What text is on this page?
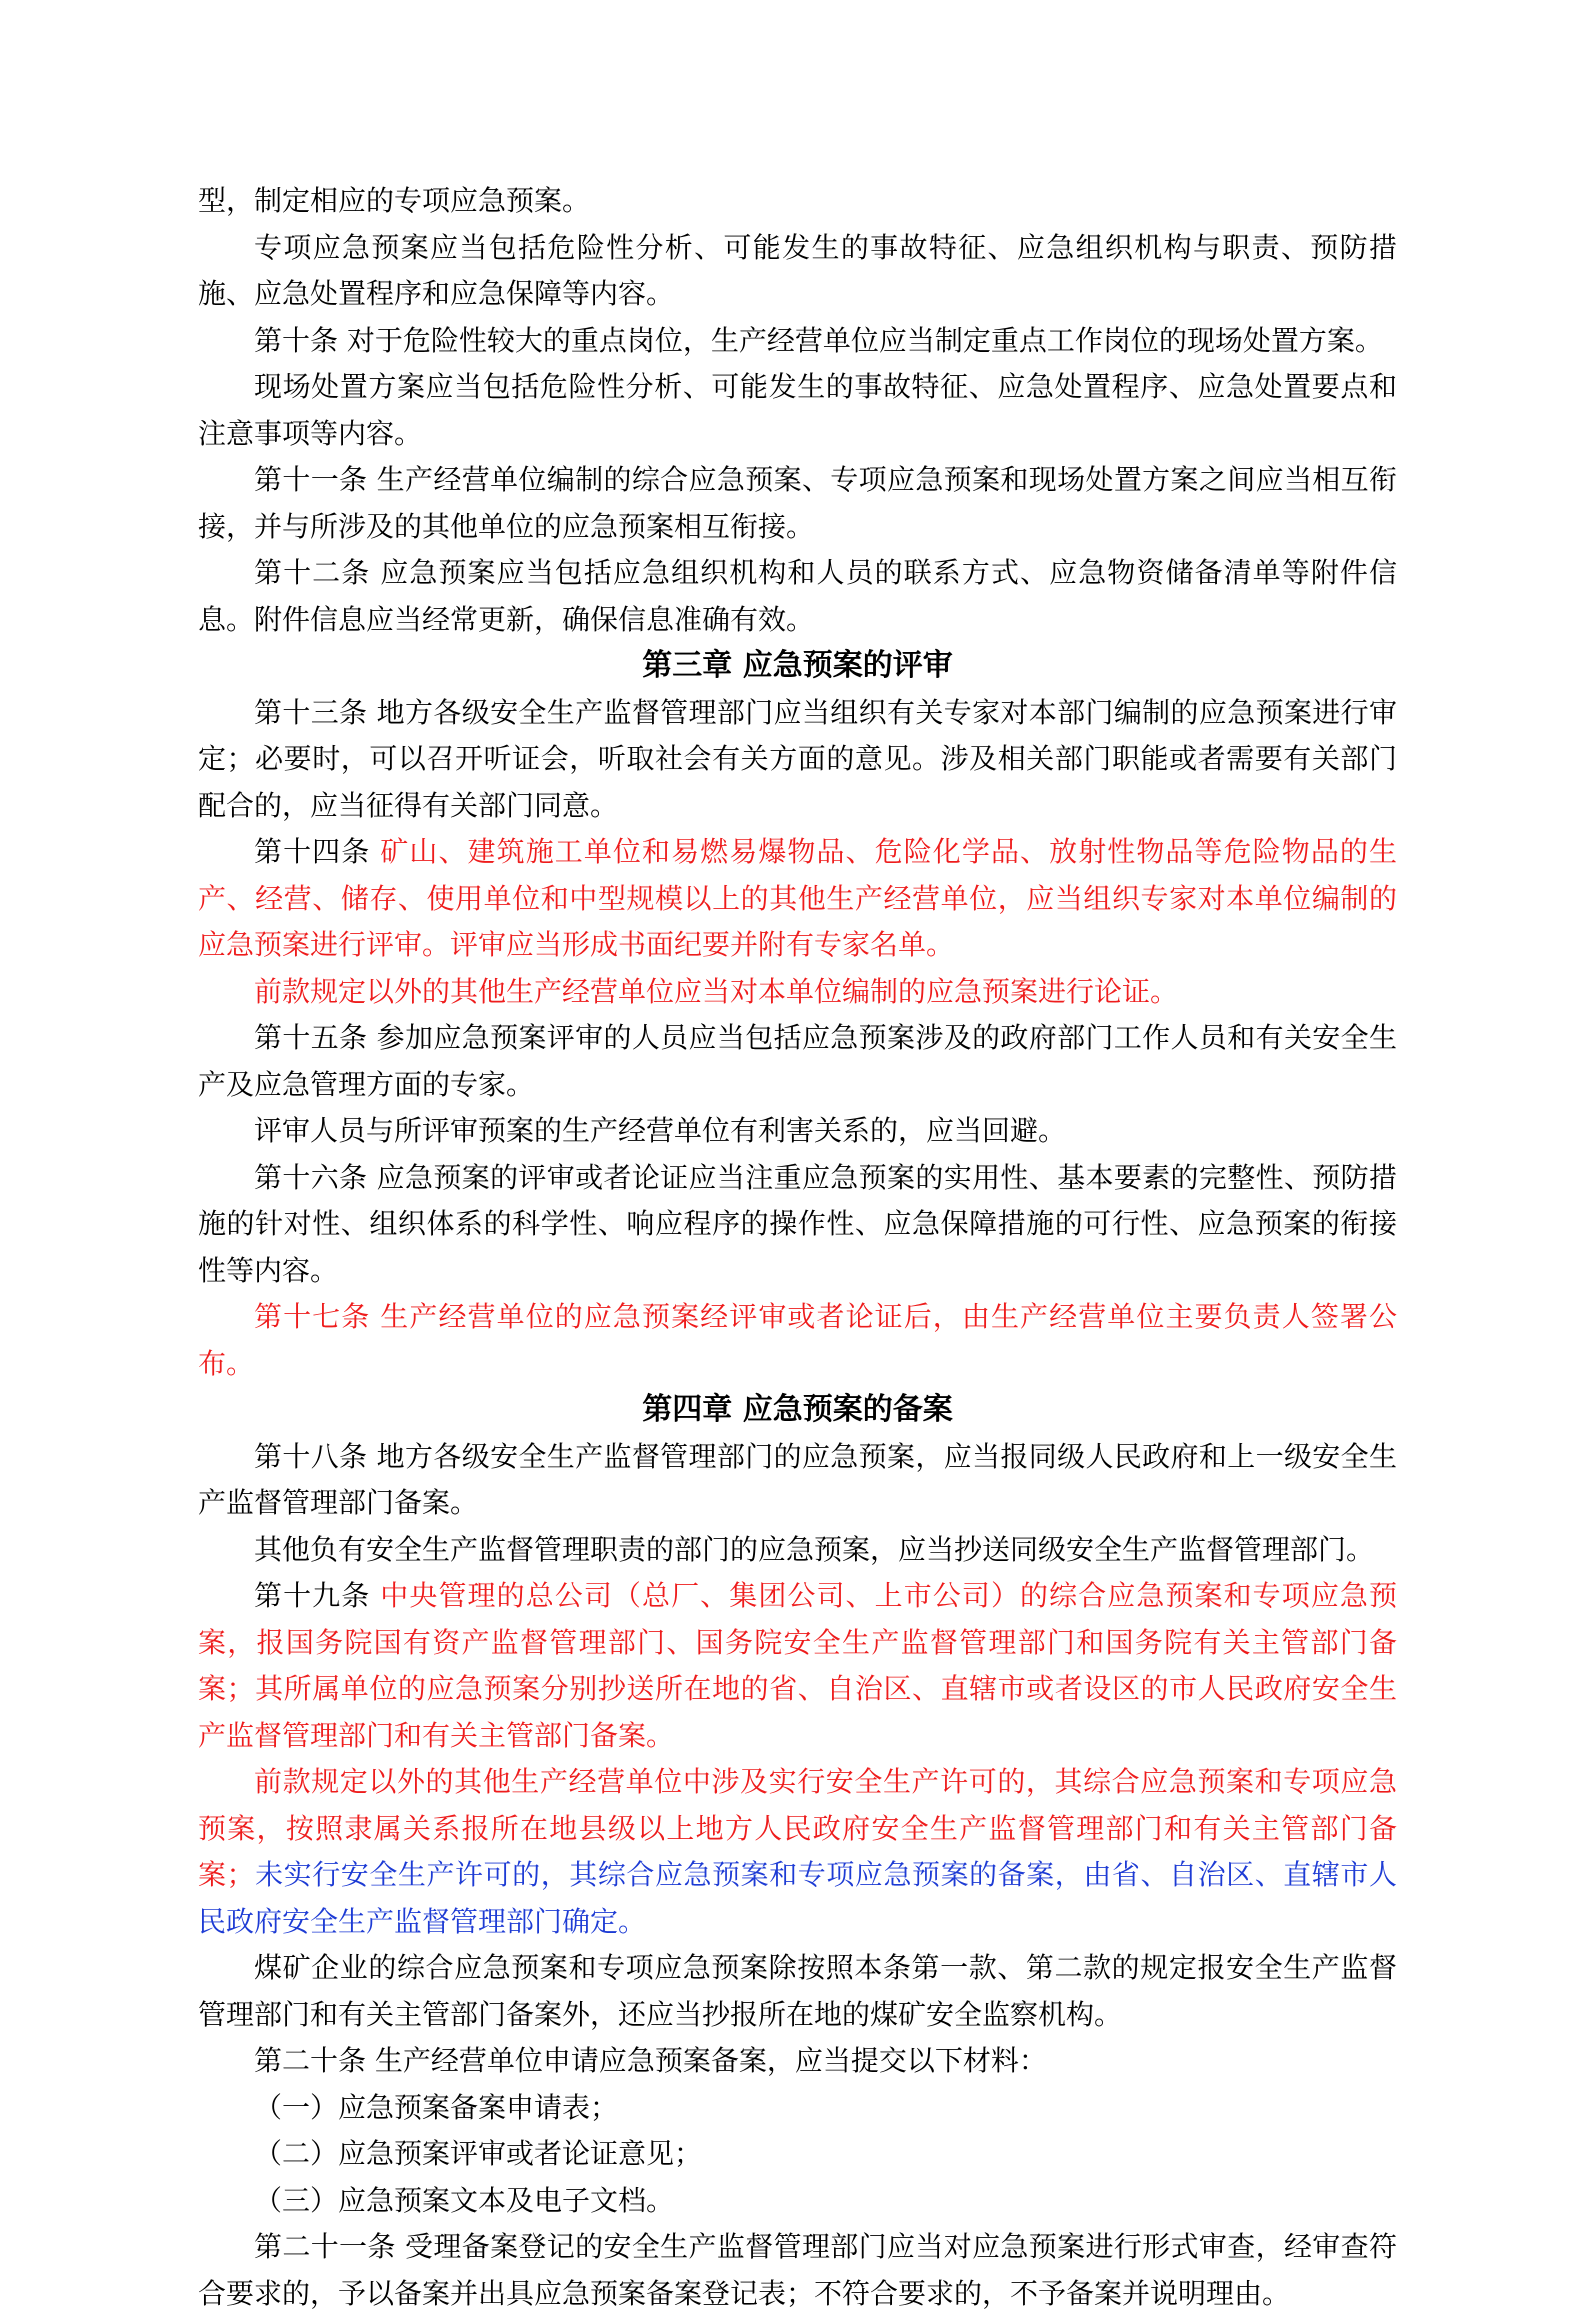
型，制定相应的专项应急预案。

专项应急预案应当包括危险性分析、可能发生的事故特征、应急组织机构与职责、预防措施、应急处置程序和应急保障等内容。

第十条 对于危险性较大的重点岗位，生产经营单位应当制定重点工作岗位的现场处置方案。

现场处置方案应当包括危险性分析、可能发生的事故特征、应急处置程序、应急处置要点和注意事项等内容。

第十一条 生产经营单位编制的综合应急预案、专项应急预案和现场处置方案之间应当相互衔接，并与所涉及的其他单位的应急预案相互衔接。

第十二条 应急预案应当包括应急组织机构和人员的联系方式、应急物资储备清单等附件信息。附件信息应当经常更新，确保信息准确有效。

第三章 应急预案的评审

第十三条 地方各级安全生产监督管理部门应当组织有关专家对本部门编制的应急预案进行审定；必要时，可以召开听证会，听取社会有关方面的意见。涉及相关部门职能或者需要有关部门配合的，应当征得有关部门同意。

第十四条 矿山、建筑施工单位和易燃易爆物品、危险化学品、放射性物品等危险物品的生产、经营、储存、使用单位和中型规模以上的其他生产经营单位，应当组织专家对本单位编制的应急预案进行评审。评审应当形成书面纪要并附有专家名单。

前款规定以外的其他生产经营单位应当对本单位编制的应急预案进行论证。

第十五条 参加应急预案评审的人员应当包括应急预案涉及的政府部门工作人员和有关安全生产及应急管理方面的专家。

评审人员与所评审预案的生产经营单位有利害关系的，应当回避。

第十六条 应急预案的评审或者论证应当注重应急预案的实用性、基本要素的完整性、预防措施的针对性、组织体系的科学性、响应程序的操作性、应急保障措施的可行性、应急预案的衔接性等内容。

第十七条 生产经营单位的应急预案经评审或者论证后，由生产经营单位主要负责人签署公布。

第四章 应急预案的备案

第十八条 地方各级安全生产监督管理部门的应急预案，应当报同级人民政府和上一级安全生产监督管理部门备案。

其他负有安全生产监督管理职责的部门的应急预案，应当抄送同级安全生产监督管理部门。

第十九条 中央管理的总公司（总厂、集团公司、上市公司）的综合应急预案和专项应急预案，报国务院国有资产监督管理部门、国务院安全生产监督管理部门和国务院有关主管部门备案；其所属单位的应急预案分别抄送所在地的省、自治区、直辖市或者设区的市人民政府安全生产监督管理部门和有关主管部门备案。

前款规定以外的其他生产经营单位中涉及实行安全生产许可的，其综合应急预案和专项应急预案，按照隶属关系报所在地县级以上地方人民政府安全生产监督管理部门和有关主管部门备案；未实行安全生产许可的，其综合应急预案和专项应急预案的备案，由省、自治区、直辖市人民政府安全生产监督管理部门确定。

煤矿企业的综合应急预案和专项应急预案除按照本条第一款、第二款的规定报安全生产监督管理部门和有关主管部门备案外，还应当抄报所在地的煤矿安全监察机构。

第二十条 生产经营单位申请应急预案备案，应当提交以下材料：

（一）应急预案备案申请表；

（二）应急预案评审或者论证意见；

（三）应急预案文本及电子文档。

第二十一条 受理备案登记的安全生产监督管理部门应当对应急预案进行形式审查，经审查符合要求的，予以备案并出具应急预案备案登记表；不符合要求的，不予备案并说明理由。
